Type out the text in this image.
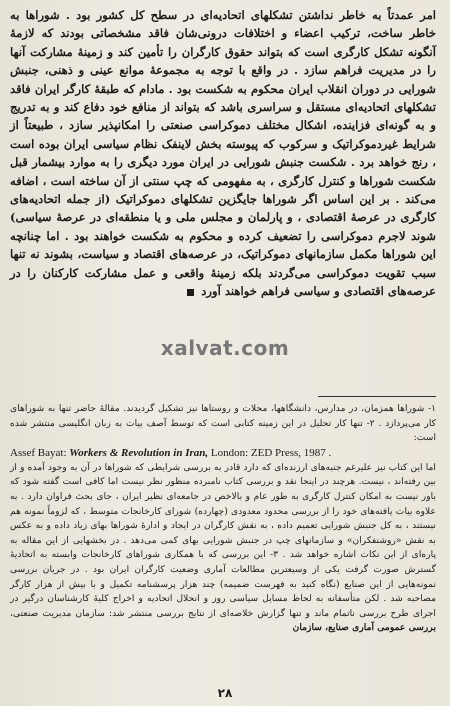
امر عمدتاً به خاطر نداشتن تشکلهای اتحادیه‌ای در سطح کل کشور بود . شوراها به خاطر ساخت، ترکیب اعضاء و اختلافات درونی‌شان فاقد مشخصاتی بودند که لازمهٔ آنگونه تشکل کارگری است که بتواند حقوق کارگران را تأمین کند و زمینهٔ مشارکت آنها را در مدیریت فراهم سازد . در واقع با توجه به مجموعهٔ موانع عینی و ذهنی، جنبش شورایی در دوران انقلاب ایران محکوم به شکست بود . مادام که طبقهٔ کارگر ایران فاقد تشکلهای اتحادیه‌ای مستقل و سراسری باشد که بتواند از منافع خود دفاع کند و به تدریج و به گونه‌ای فزاینده، اشکال مختلف دموکراسی صنعتی را امکانپذیر سازد ، طبیعتاً از شرایط غیردموکراتیک و سرکوب که پیوسته بخش لاینفک نظام سیاسی ایران بوده است ، رنج خواهد برد . شکست جنبش شورایی در ایران مورد دیگری را به موارد بیشمار قبل شکست شوراها و کنترل کارگری ، به مفهومی که چپ سنتی از آن ساخته است ، اضافه می‌کند . بر این اساس اگر شوراها جایگزین تشکلهای دموکراتیک (از جمله اتحادیه‌های کارگری در عرصهٔ اقتصادی ، و پارلمان و مجلس ملی و یا منطقه‌ای در عرصهٔ سیاسی) شوند لاجرم دموکراسی را تضعیف کرده و محکوم به شکست خواهند بود . اما چنانچه این شوراها مکمل سازمانهای دموکراتیک، در عرصه‌های اقتصاد و سیاست، بشوند نه تنها سبب تقویت دموکراسی می‌گردند بلکه زمینهٔ واقعی و عمل مشارکت کارکنان را در عرصه‌های اقتصادی و سیاسی فراهم خواهند آورد

xalvat.com

۱- شوراها همزمان، در مدارس، دانشگاهها، محلات و روستاها نیز تشکیل گردیدند. مقالهٔ حاضر تنها به شوراهای کار می‌پردازد . ۲- تنها کار تحلیل در این زمینه کتابی است که توسط آصف بیات به زبان انگلیسی منتشر شده است:

Assef Bayat: Workers & Revolution in Iran, London: ZED Press, 1987 .

اما این کتاب نیز علیرغم جنبه‌های ارزنده‌ای که دارد قادر به بررسی شرایطی که شوراها در آن به وجود آمده و از بین رفته‌اند ، نیست. هرچند در اینجا نقد و بررسی کتاب نامبرده منظور نظر نیست اما کافی است گفته شود که باور نیست به امکان کنترل کارگری به طور عام و بالاخص در جامعه‌ای نظیر ایران ، جای بحث فراوان دارد . به علاوه بیات یافته‌های خود را از بررسی محدود معدودی (چهارده) شورای کارخانجات متوسط ، که لزوماً نمونه هم نیستند ، به کل جنبش شورایی تعمیم داده ، به نقش کارگران در ایجاد و ادارهٔ شوراها بهای زیاد داده و به عکس به نقش «روشنفکران» و سازمانهای چپ در جنبش شورایی بهای کمی می‌دهد . در بخشهایی از این مقاله به پاره‌ای از این نکات اشاره خواهد شد . ۳- این بررسی که با همکاری شوراهای کارخانجات وابسته به اتحادیهٔ گسترش صورت گرفت یکی از وسیعترین مطالعات آماری وضعیت کارگران ایران بود . در جریان بررسی نمونه‌هایی از این صنایع (نگاه کنید به فهرست ضمیمه) چند هزار پرسشنامه تکمیل و با بیش از هزار کارگر مصاحبه شد . لکن متأسفانه به لحاظ مسایل سیاسی روز و انحلال اتحادیه و اخراج کلیهٔ کارشناسان درگیر در اجرای طرح بررسی ناتمام ماند و تنها گزارش خلاصه‌ای از نتایج بررسی منتشر شد: سازمان مدیریت صنعتی، بررسی عمومی آماری صنایع، سازمان

۲۸
